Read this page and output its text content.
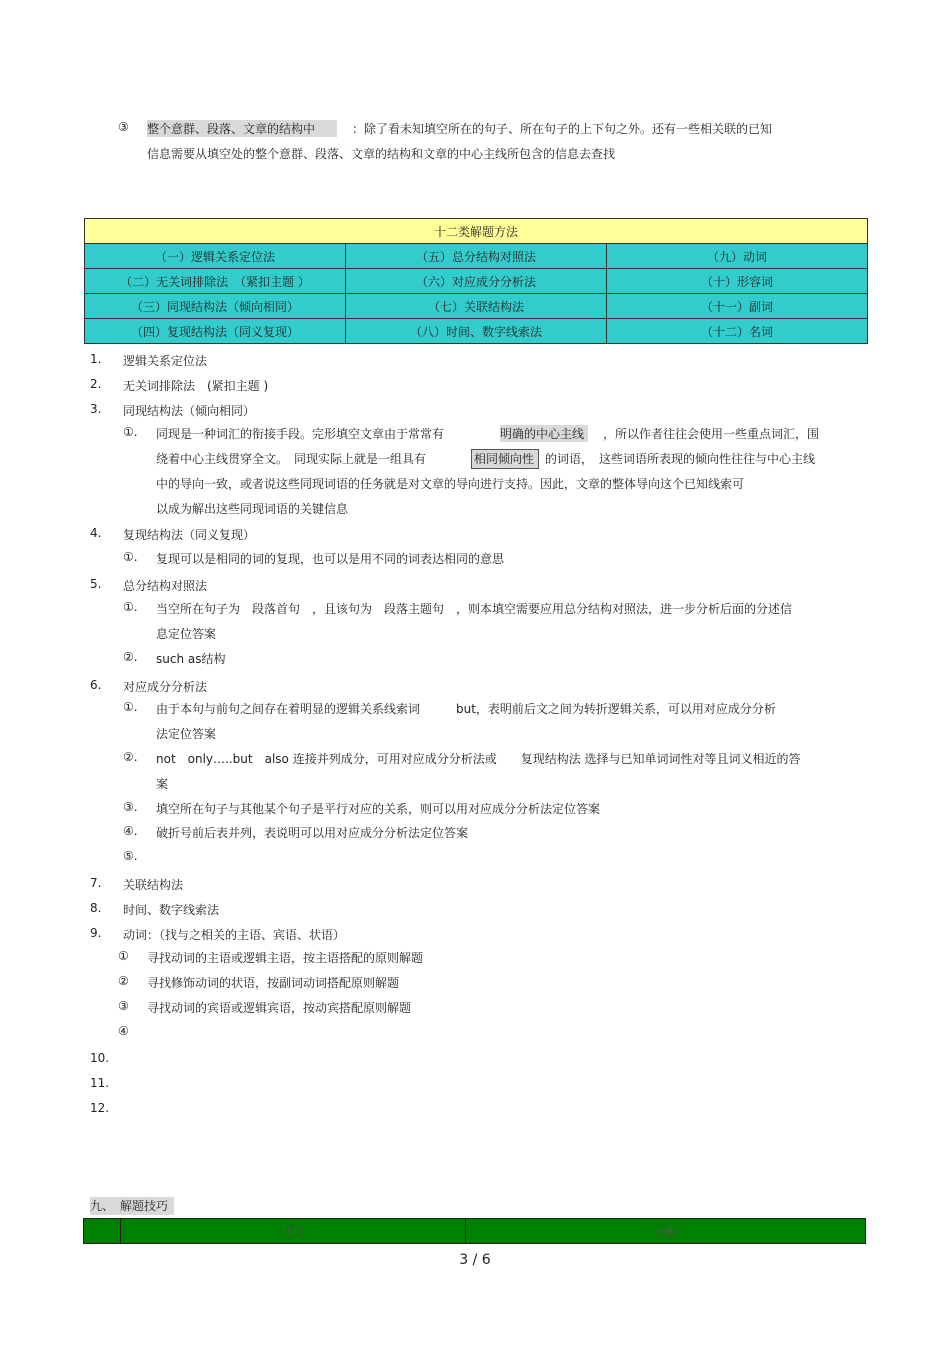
③ 整个意群、段落、文章的结构中	：除了看未知填空所在的句子、所在句子的上下句之外。还有一些相关联的已知
信息需要从填空处的整个意群、段落、文章的结构和文章的中心主线所包含的信息去查找
十二类解题方法		
（一）逻辑关系定位法	（五）总分结构对照法	（九）动词
（二）无关词排除法　（紧扣主题 ）	（六）对应成分分析法	（十）形容词
（三）同现结构法（倾向相同）	（七）关联结构法	（十一）副词
（四）复现结构法（同义复现）	（八）时间、数字线索法	（十二）名词
1. 逻辑关系定位法
2. 无关词排除法　(紧扣主题 )
3. 同现结构法（倾向相同）
①. 同现是一种词汇的衔接手段。完形填空文章由于常常有	明确的中心主线	，所以作者往往会使用一些重点词汇，围
绕着中心主线贯穿全文。　同现实际上就是一组具有	相同倾向性 的词语，　这些词语所表现的倾向性往往与中心主线
中的导向一致，或者说这些同现词语的任务就是对文章的导向进行支持。因此，文章的整体导向这个已知线索可
以成为解出这些同现词语的关键信息
4. 复现结构法（同义复现）
①. 复现可以是相同的词的复现，也可以是用不同的词表达相同的意思
5. 总分结构对照法
①. 当空所在句子为　段落首句　，且该句为　段落主题句　，则本填空需要应用总分结构对照法，进一步分析后面的分述信
息定位答案
②. such as结构
6. 对应成分分析法
①. 由于本句与前句之间存在着明显的逻辑关系线索词　　　but，表明前后文之间为转折逻辑关系，可以用对应成分分析
法定位答案
②. not　only…..but　also 连接并列成分，可用对应成分分析法或　　复现结构法 选择与已知单词词性对等且词义相近的答
案
③. 填空所在句子与其他某个句子是平行对应的关系，则可以用对应成分分析法定位答案
④. 破折号前后表并列，表说明可以用对应成分分析法定位答案
⑤.
7. 关联结构法
8. 时间、数字线索法
9. 动词：（找与之相关的主语、宾语、状语）
① 寻找动词的主语或逻辑主语，按主语搭配的原则解题
② 寻找修饰动词的状语，按副词动词搭配原则解题
③ 寻找动词的宾语或逻辑宾语，按动宾搭配原则解题
④
10.
11.
12.
九、　解题技巧
	技巧	分析
3 / 6
